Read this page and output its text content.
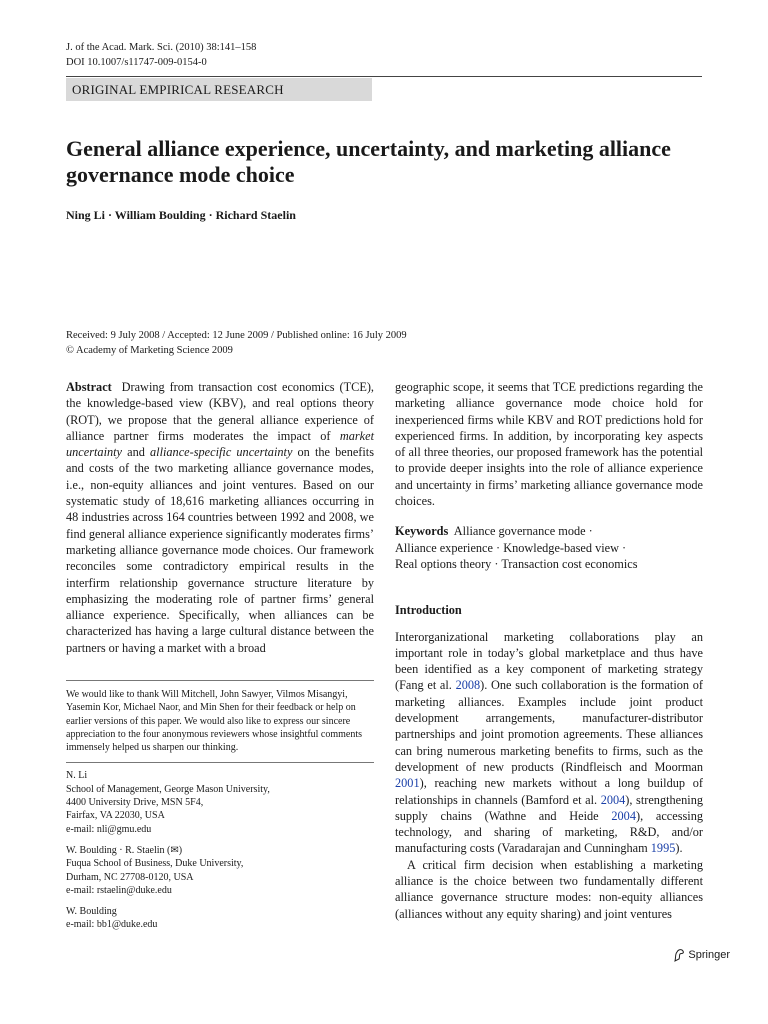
J. of the Acad. Mark. Sci. (2010) 38:141–158
DOI 10.1007/s11747-009-0154-0
ORIGINAL EMPIRICAL RESEARCH
General alliance experience, uncertainty, and marketing alliance governance mode choice
Ning Li · William Boulding · Richard Staelin
Received: 9 July 2008 / Accepted: 12 June 2009 / Published online: 16 July 2009
© Academy of Marketing Science 2009

Abstract Drawing from transaction cost economics (TCE), the knowledge-based view (KBV), and real options theory (ROT), we propose that the general alliance experience of alliance partner firms moderates the impact of market uncertainty and alliance-specific uncertainty on the benefits and costs of the two marketing alliance governance modes, i.e., non-equity alliances and joint ventures. Based on our systematic study of 18,616 marketing alliances occurring in 48 industries across 164 countries between 1992 and 2008, we find general alliance experience significantly moderates firms’ marketing alliance governance mode choices. Our framework reconciles some contradictory empirical results in the interfirm relationship governance structure literature by emphasizing the moderating role of partner firms’ general alliance experience. Specifically, when alliances can be characterized has having a large cultural distance between the partners or having a market with a broad

We would like to thank Will Mitchell, John Sawyer, Vilmos Misangyi, Yasemin Kor, Michael Naor, and Min Shen for their feedback or help on earlier versions of this paper. We would also like to express our sincere appreciation to the four anonymous reviewers whose insightful comments immensely helped us sharpen our thinking.
N. Li
School of Management, George Mason University,
4400 University Drive, MSN 5F4,
Fairfax, VA 22030, USA
e-mail: nli@gmu.edu
W. Boulding · R. Staelin (✉)
Fuqua School of Business, Duke University,
Durham, NC 27708-0120, USA
e-mail: rstaelin@duke.edu
W. Boulding
e-mail: bb1@duke.edu

geographic scope, it seems that TCE predictions regarding the marketing alliance governance mode choice hold for inexperienced firms while KBV and ROT predictions hold for experienced firms. In addition, by incorporating key aspects of all three theories, our proposed framework has the potential to provide deeper insights into the role of alliance experience and uncertainty in firms’ marketing alliance governance mode choices.

Keywords Alliance governance mode ·
Alliance experience · Knowledge-based view ·
Real options theory · Transaction cost economics
Introduction

Interorganizational marketing collaborations play an important role in today’s global marketplace and thus have been identified as a key component of marketing strategy (Fang et al. 2008). One such collaboration is the formation of marketing alliances. Examples include joint product development arrangements, manufacturer-distributor partnerships and joint promotion agreements. These alliances can bring numerous marketing benefits to firms, such as the development of new products (Rindfleisch and Moorman 2001), reaching new markets without a long buildup of relationships in channels (Bamford et al. 2004), strengthening supply chains (Wathne and Heide 2004), accessing technology, and sharing of marketing, R&D, and/or manufacturing costs (Varadarajan and Cunningham 1995).

A critical firm decision when establishing a marketing alliance is the choice between two fundamentally different alliance governance structure modes: non-equity alliances (alliances without any equity sharing) and joint ventures

Springer
